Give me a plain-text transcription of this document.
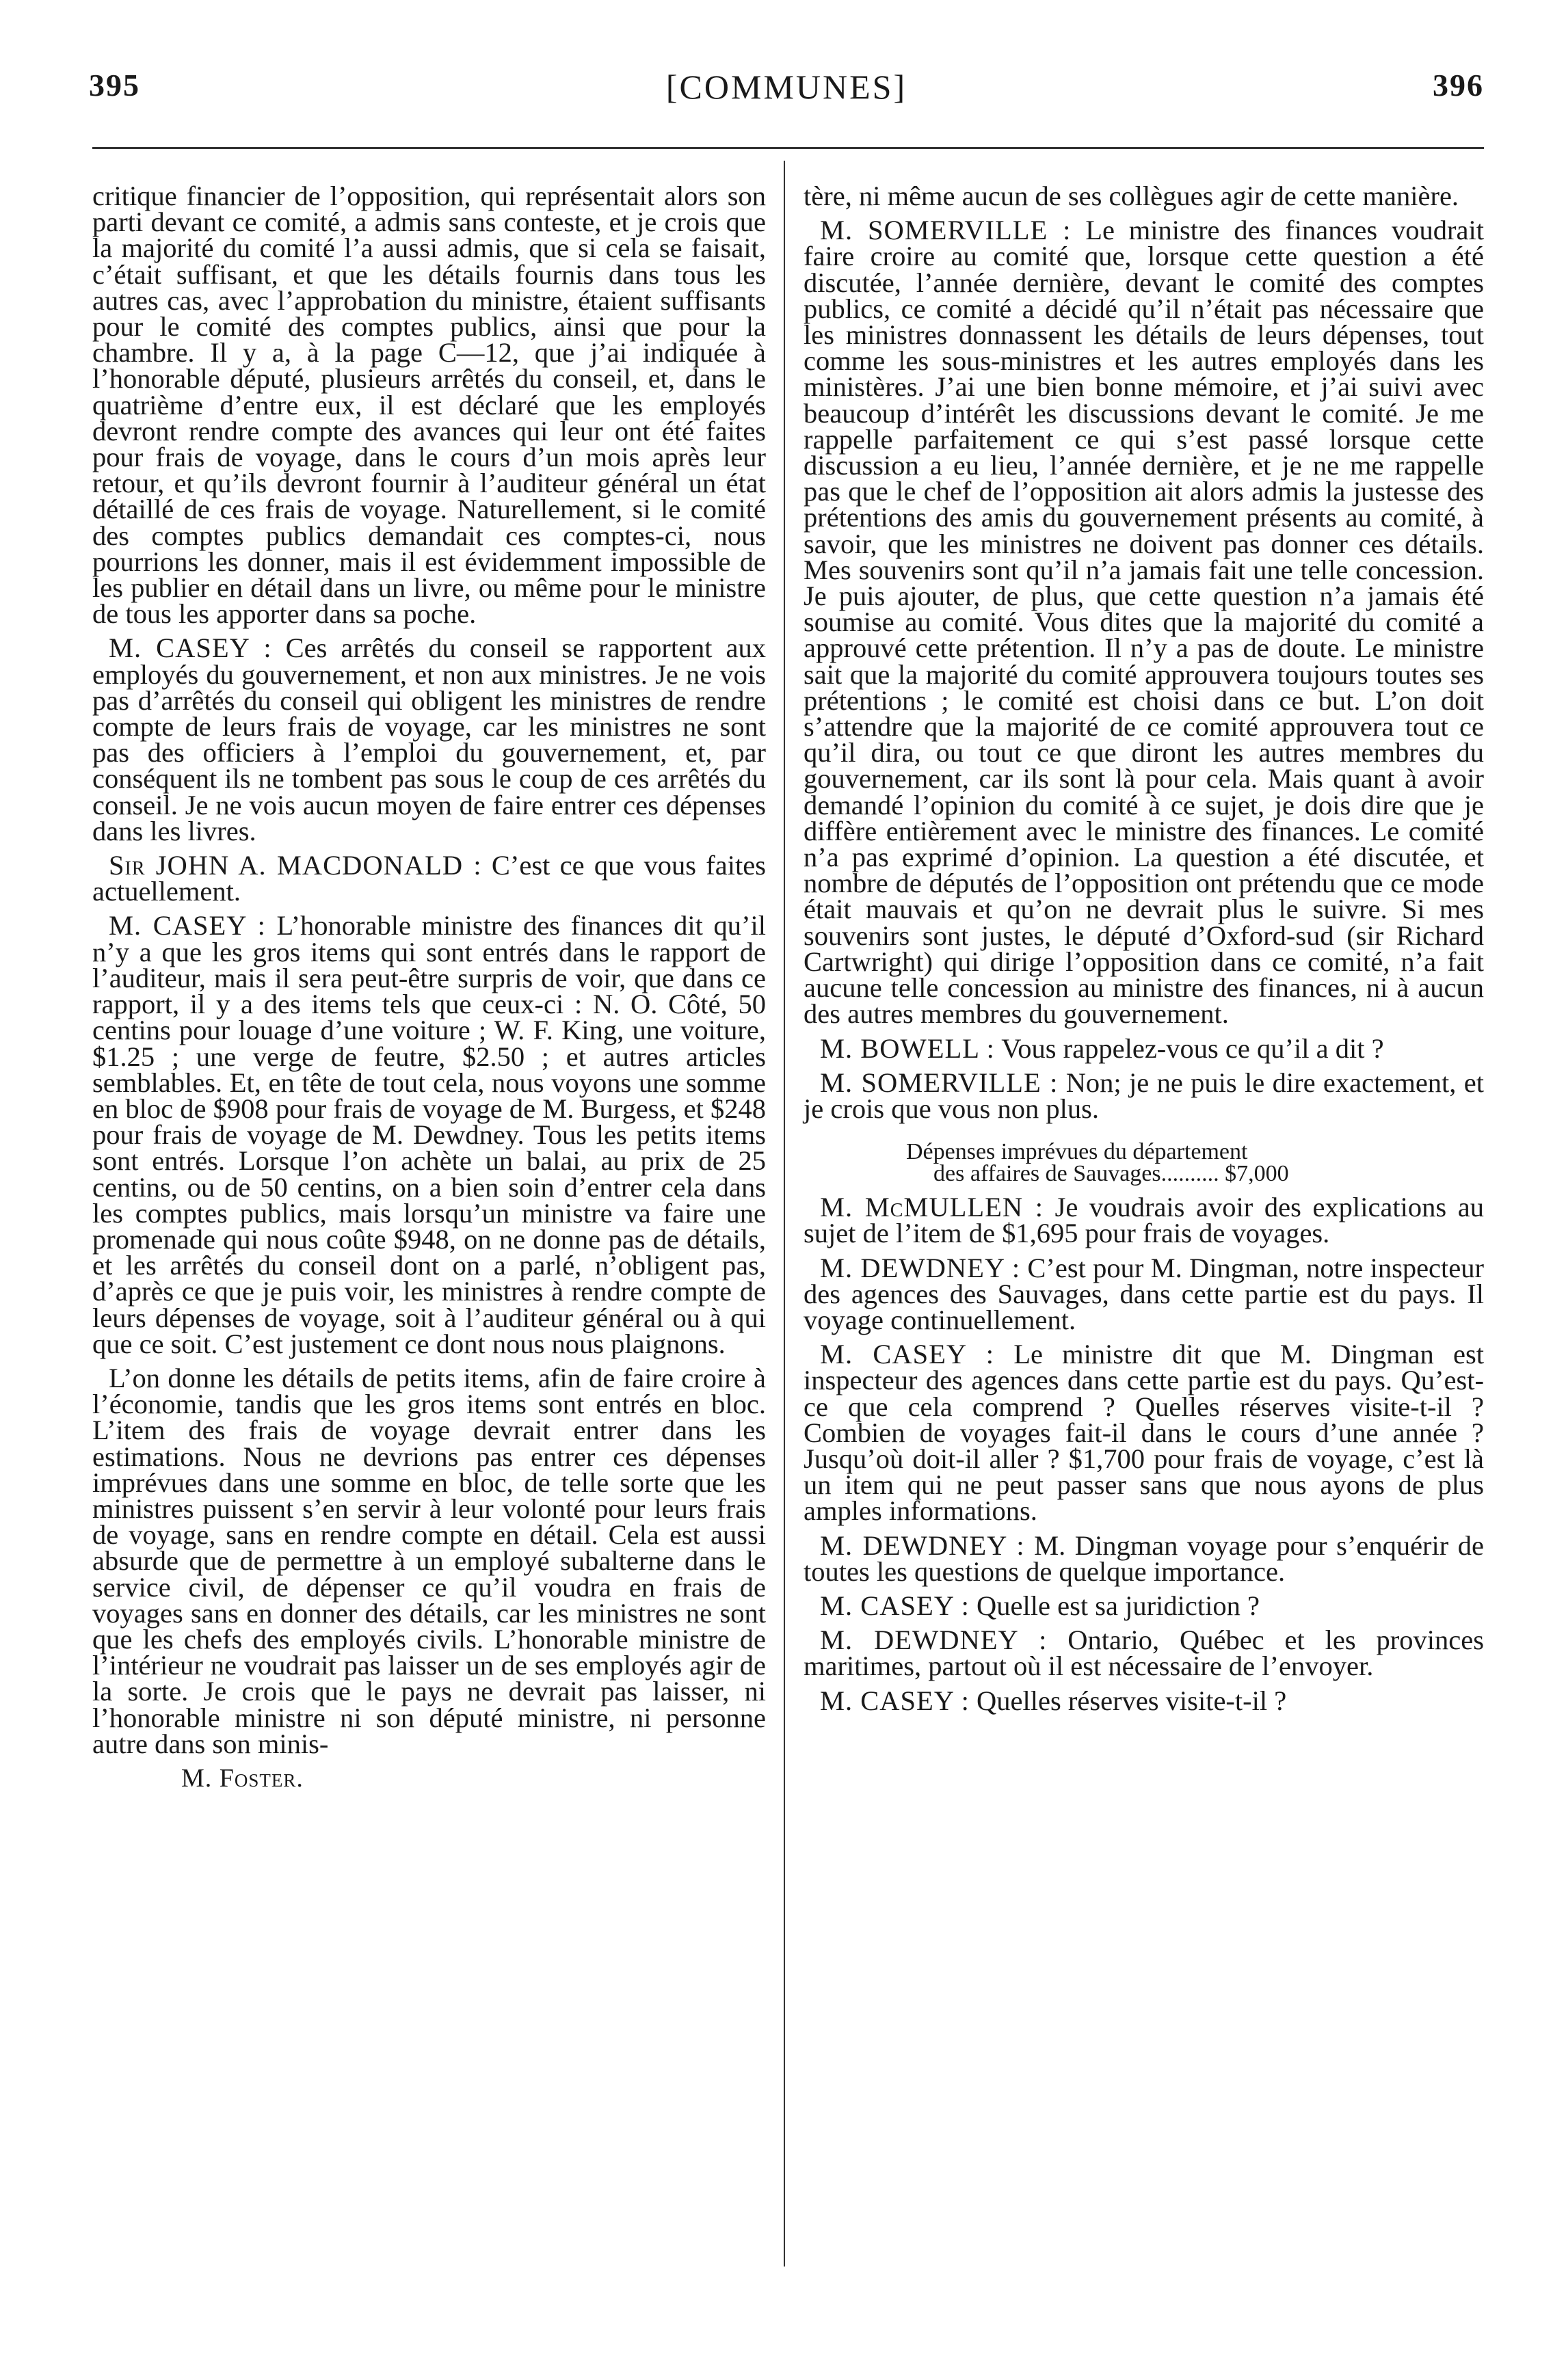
395	[COMMUNES]	396

critique financier de l’opposition, qui représentait alors son parti devant ce comité, a admis sans conteste, et je crois que la majorité du comité l’a aussi admis, que si cela se faisait, c’était suffisant, et que les détails fournis dans tous les autres cas, avec l’approbation du ministre, étaient suffisants pour le comité des comptes publics, ainsi que pour la chambre. Il y a, à la page C—12, que j’ai indiquée à l’honorable député, plusieurs arrêtés du conseil, et, dans le quatrième d’entre eux, il est déclaré que les employés devront rendre compte des avances qui leur ont été faites pour frais de voyage, dans le cours d’un mois après leur retour, et qu’ils devront fournir à l’auditeur général un état détaillé de ces frais de voyage. Naturellement, si le comité des comptes publics demandait ces comptes-ci, nous pourrions les donner, mais il est évidemment impossible de les publier en détail dans un livre, ou même pour le ministre de tous les apporter dans sa poche.

M. CASEY : Ces arrêtés du conseil se rapportent aux employés du gouvernement, et non aux ministres. Je ne vois pas d’arrêtés du conseil qui obligent les ministres de rendre compte de leurs frais de voyage, car les ministres ne sont pas des officiers à l’emploi du gouvernement, et, par conséquent ils ne tombent pas sous le coup de ces arrêtés du conseil. Je ne vois aucun moyen de faire entrer ces dépenses dans les livres.

Sir JOHN A. MACDONALD : C’est ce que vous faites actuellement.

M. CASEY : L’honorable ministre des finances dit qu’il n’y a que les gros items qui sont entrés dans le rapport de l’auditeur, mais il sera peut-être surpris de voir, que dans ce rapport, il y a des items tels que ceux-ci : N. O. Côté, 50 centins pour louage d’une voiture ; W. F. King, une voiture, $1.25 ; une verge de feutre, $2.50 ; et autres articles semblables. Et, en tête de tout cela, nous voyons une somme en bloc de $908 pour frais de voyage de M. Burgess, et $248 pour frais de voyage de M. Dewdney. Tous les petits items sont entrés. Lorsque l’on achète un balai, au prix de 25 centins, ou de 50 centins, on a bien soin d’entrer cela dans les comptes publics, mais lorsqu’un ministre va faire une promenade qui nous coûte $948, on ne donne pas de détails, et les arrêtés du conseil dont on a parlé, n’obligent pas, d’après ce que je puis voir, les ministres à rendre compte de leurs dépenses de voyage, soit à l’auditeur général ou à qui que ce soit. C’est justement ce dont nous nous plaignons.

L’on donne les détails de petits items, afin de faire croire à l’économie, tandis que les gros items sont entrés en bloc. L’item des frais de voyage devrait entrer dans les estimations. Nous ne devrions pas entrer ces dépenses imprévues dans une somme en bloc, de telle sorte que les ministres puissent s’en servir à leur volonté pour leurs frais de voyage, sans en rendre compte en détail. Cela est aussi absurde que de permettre à un employé subalterne dans le service civil, de dépenser ce qu’il voudra en frais de voyages sans en donner des détails, car les ministres ne sont que les chefs des employés civils. L’honorable ministre de l’intérieur ne voudrait pas laisser un de ses employés agir de la sorte. Je crois que le pays ne devrait pas laisser, ni l’honorable ministre ni son député ministre, ni personne autre dans son minis-

M. Foster.

tère, ni même aucun de ses collègues agir de cette manière.

M. SOMERVILLE : Le ministre des finances voudrait faire croire au comité que, lorsque cette question a été discutée, l’année dernière, devant le comité des comptes publics, ce comité a décidé qu’il n’était pas nécessaire que les ministres donnassent les détails de leurs dépenses, tout comme les sous-ministres et les autres employés dans les ministères. J’ai une bien bonne mémoire, et j’ai suivi avec beaucoup d’intérêt les discussions devant le comité. Je me rappelle parfaitement ce qui s’est passé lorsque cette discussion a eu lieu, l’année dernière, et je ne me rappelle pas que le chef de l’opposition ait alors admis la justesse des prétentions des amis du gouvernement présents au comité, à savoir, que les ministres ne doivent pas donner ces détails. Mes souvenirs sont qu’il n’a jamais fait une telle concession. Je puis ajouter, de plus, que cette question n’a jamais été soumise au comité. Vous dites que la majorité du comité a approuvé cette prétention. Il n’y a pas de doute. Le ministre sait que la majorité du comité approuvera toujours toutes ses prétentions ; le comité est choisi dans ce but. L’on doit s’attendre que la majorité de ce comité approuvera tout ce qu’il dira, ou tout ce que diront les autres membres du gouvernement, car ils sont là pour cela. Mais quant à avoir demandé l’opinion du comité à ce sujet, je dois dire que je diffère entièrement avec le ministre des finances. Le comité n’a pas exprimé d’opinion. La question a été discutée, et nombre de députés de l’opposition ont prétendu que ce mode était mauvais et qu’on ne devrait plus le suivre. Si mes souvenirs sont justes, le député d’Oxford-sud (sir Richard Cartwright) qui dirige l’opposition dans ce comité, n’a fait aucune telle concession au ministre des finances, ni à aucun des autres membres du gouvernement.

M. BOWELL : Vous rappelez-vous ce qu’il a dit ?

M. SOMERVILLE : Non; je ne puis le dire exactement, et je crois que vous non plus.

Dépenses imprévues du département
des affaires de Sauvages.......... $7,000

M. McMULLEN : Je voudrais avoir des explications au sujet de l’item de $1,695 pour frais de voyages.

M. DEWDNEY : C’est pour M. Dingman, notre inspecteur des agences des Sauvages, dans cette partie est du pays. Il voyage continuellement.

M. CASEY : Le ministre dit que M. Dingman est inspecteur des agences dans cette partie est du pays. Qu’est-ce que cela comprend ? Quelles réserves visite-t-il ? Combien de voyages fait-il dans le cours d’une année ? Jusqu’où doit-il aller ? $1,700 pour frais de voyage, c’est là un item qui ne peut passer sans que nous ayons de plus amples informations.

M. DEWDNEY : M. Dingman voyage pour s’enquérir de toutes les questions de quelque importance.

M. CASEY : Quelle est sa juridiction ?

M. DEWDNEY : Ontario, Québec et les provinces maritimes, partout où il est nécessaire de l’envoyer.

M. CASEY : Quelles réserves visite-t-il ?
